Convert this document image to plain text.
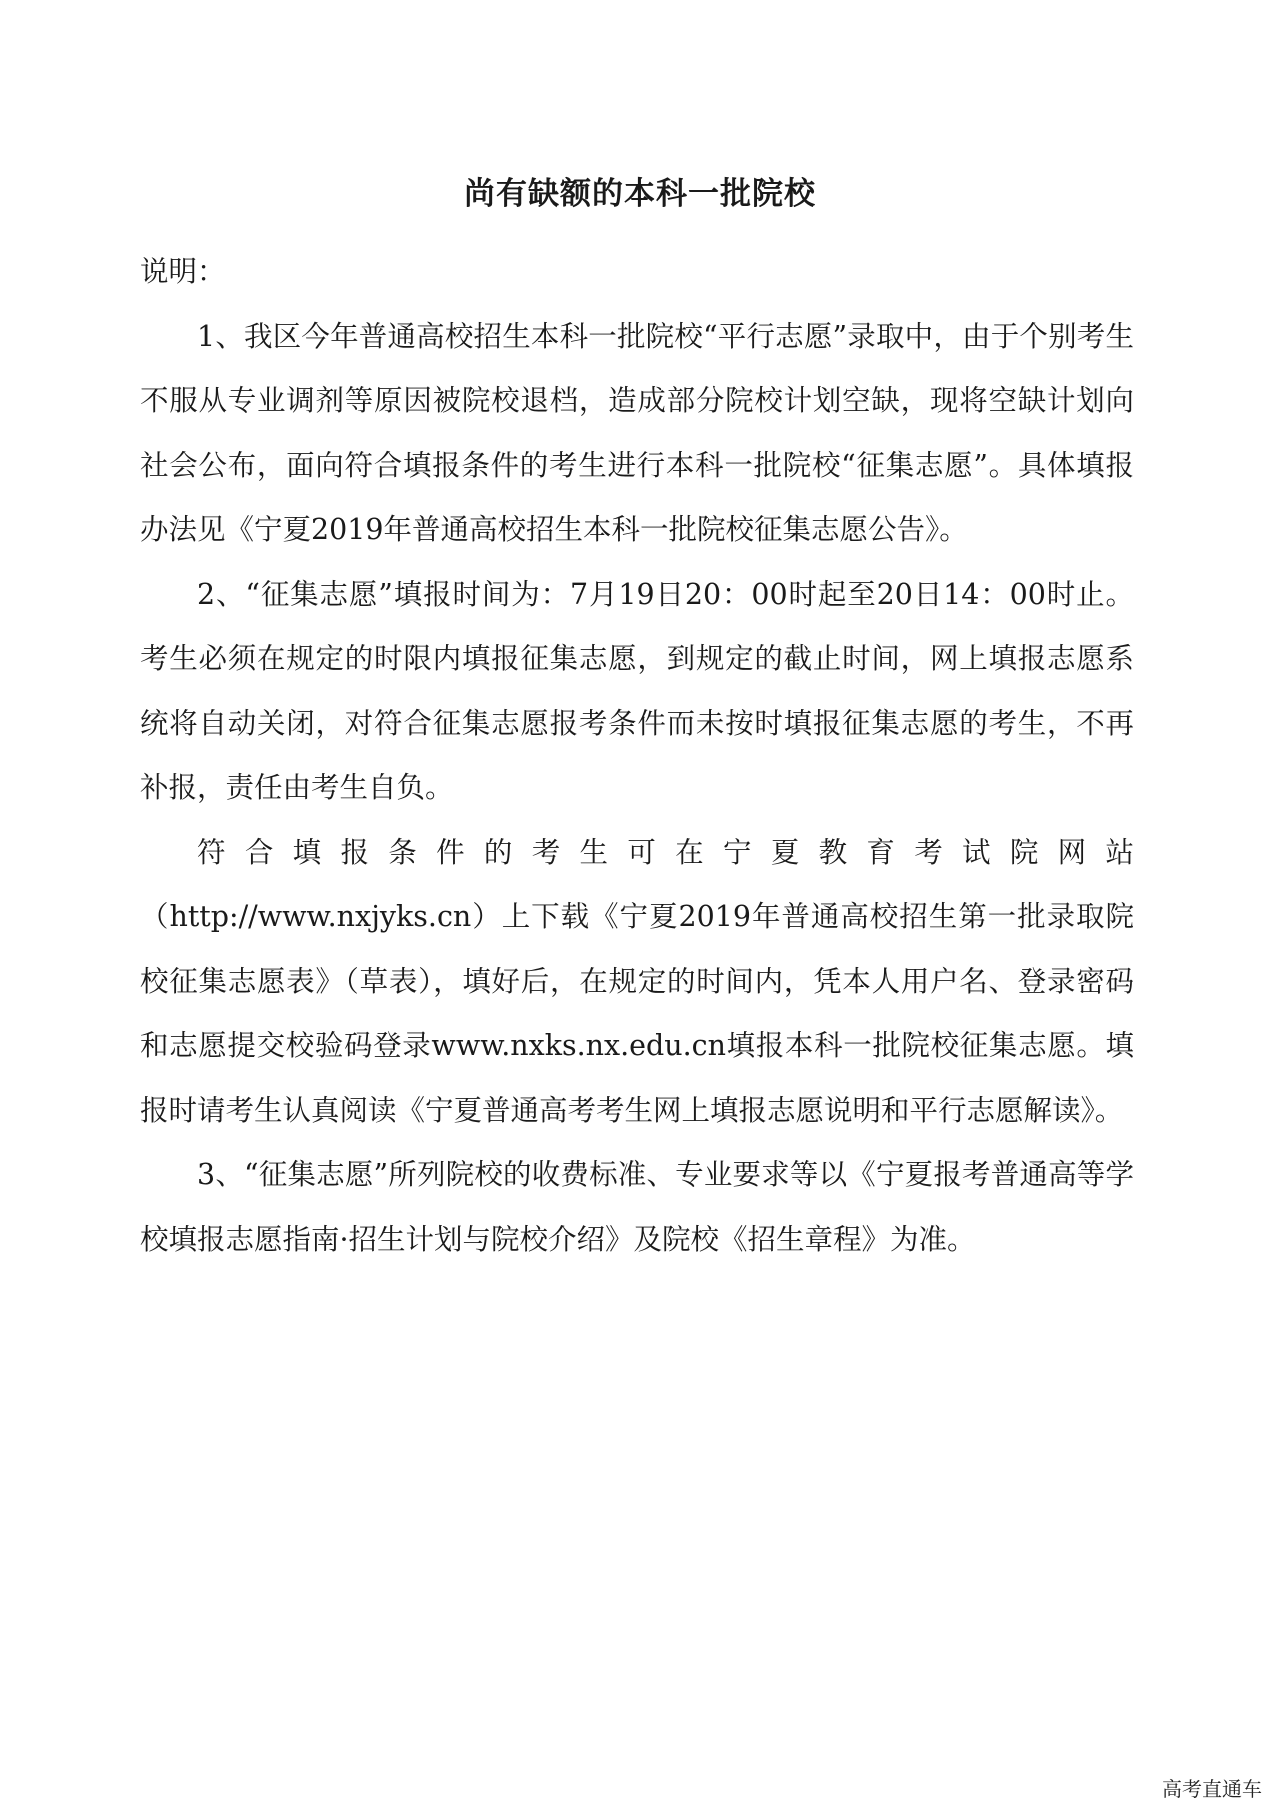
尚有缺额的本科一批院校

说明：

1、我区今年普通高校招生本科一批院校“平行志愿”录取中，由于个别考生不服从专业调剂等原因被院校退档，造成部分院校计划空缺，现将空缺计划向社会公布，面向符合填报条件的考生进行本科一批院校“征集志愿”。具体填报办法见《宁夏2019年普通高校招生本科一批院校征集志愿公告》。

2、“征集志愿”填报时间为：7月19日20：00时起至20日14：00时止。考生必须在规定的时限内填报征集志愿，到规定的截止时间，网上填报志愿系统将自动关闭，对符合征集志愿报考条件而未按时填报征集志愿的考生，不再补报，责任由考生自负。

符合填报条件的考生可在宁夏教育考试院网站

（http://www.nxjyks.cn）上下载《宁夏2019年普通高校招生第一批录取院校征集志愿表》（草表），填好后，在规定的时间内，凭本人用户名、登录密码和志愿提交校验码登录www.nxks.nx.edu.cn填报本科一批院校征集志愿。填报时请考生认真阅读《宁夏普通高考考生网上填报志愿说明和平行志愿解读》。

3、“征集志愿”所列院校的收费标准、专业要求等以《宁夏报考普通高等学校填报志愿指南·招生计划与院校介绍》及院校《招生章程》为准。

高考直通车
